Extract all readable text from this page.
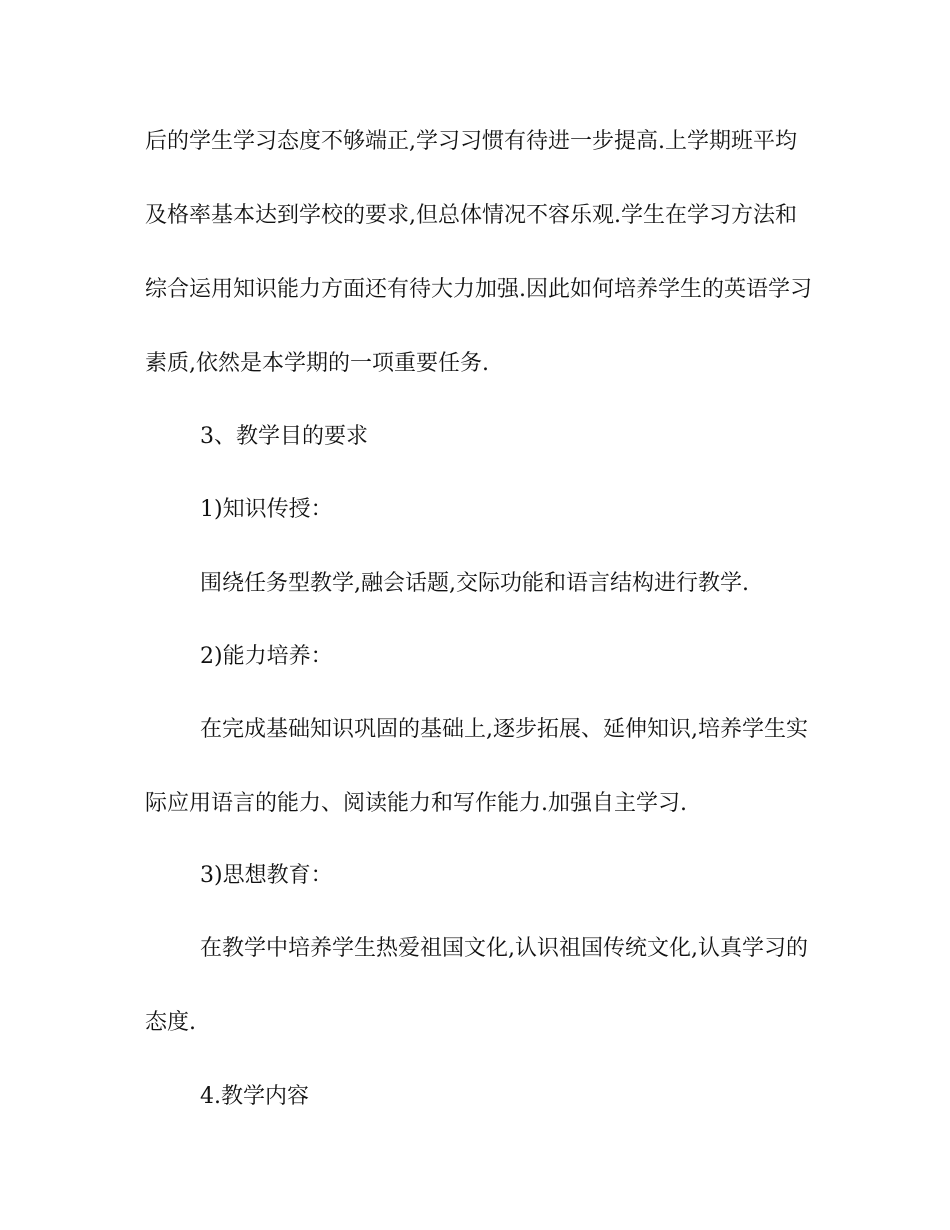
后的学生学习态度不够端正,学习习惯有待进一步提高.上学期班平均
及格率基本达到学校的要求,但总体情况不容乐观.学生在学习方法和
综合运用知识能力方面还有待大力加强.因此如何培养学生的英语学习
素质,依然是本学期的一项重要任务.
3、教学目的要求
1)知识传授：
围绕任务型教学,融会话题,交际功能和语言结构进行教学.
2)能力培养：
在完成基础知识巩固的基础上,逐步拓展、延伸知识,培养学生实
际应用语言的能力、阅读能力和写作能力.加强自主学习.
3)思想教育：
在教学中培养学生热爱祖国文化,认识祖国传统文化,认真学习的
态度.
4.教学内容
